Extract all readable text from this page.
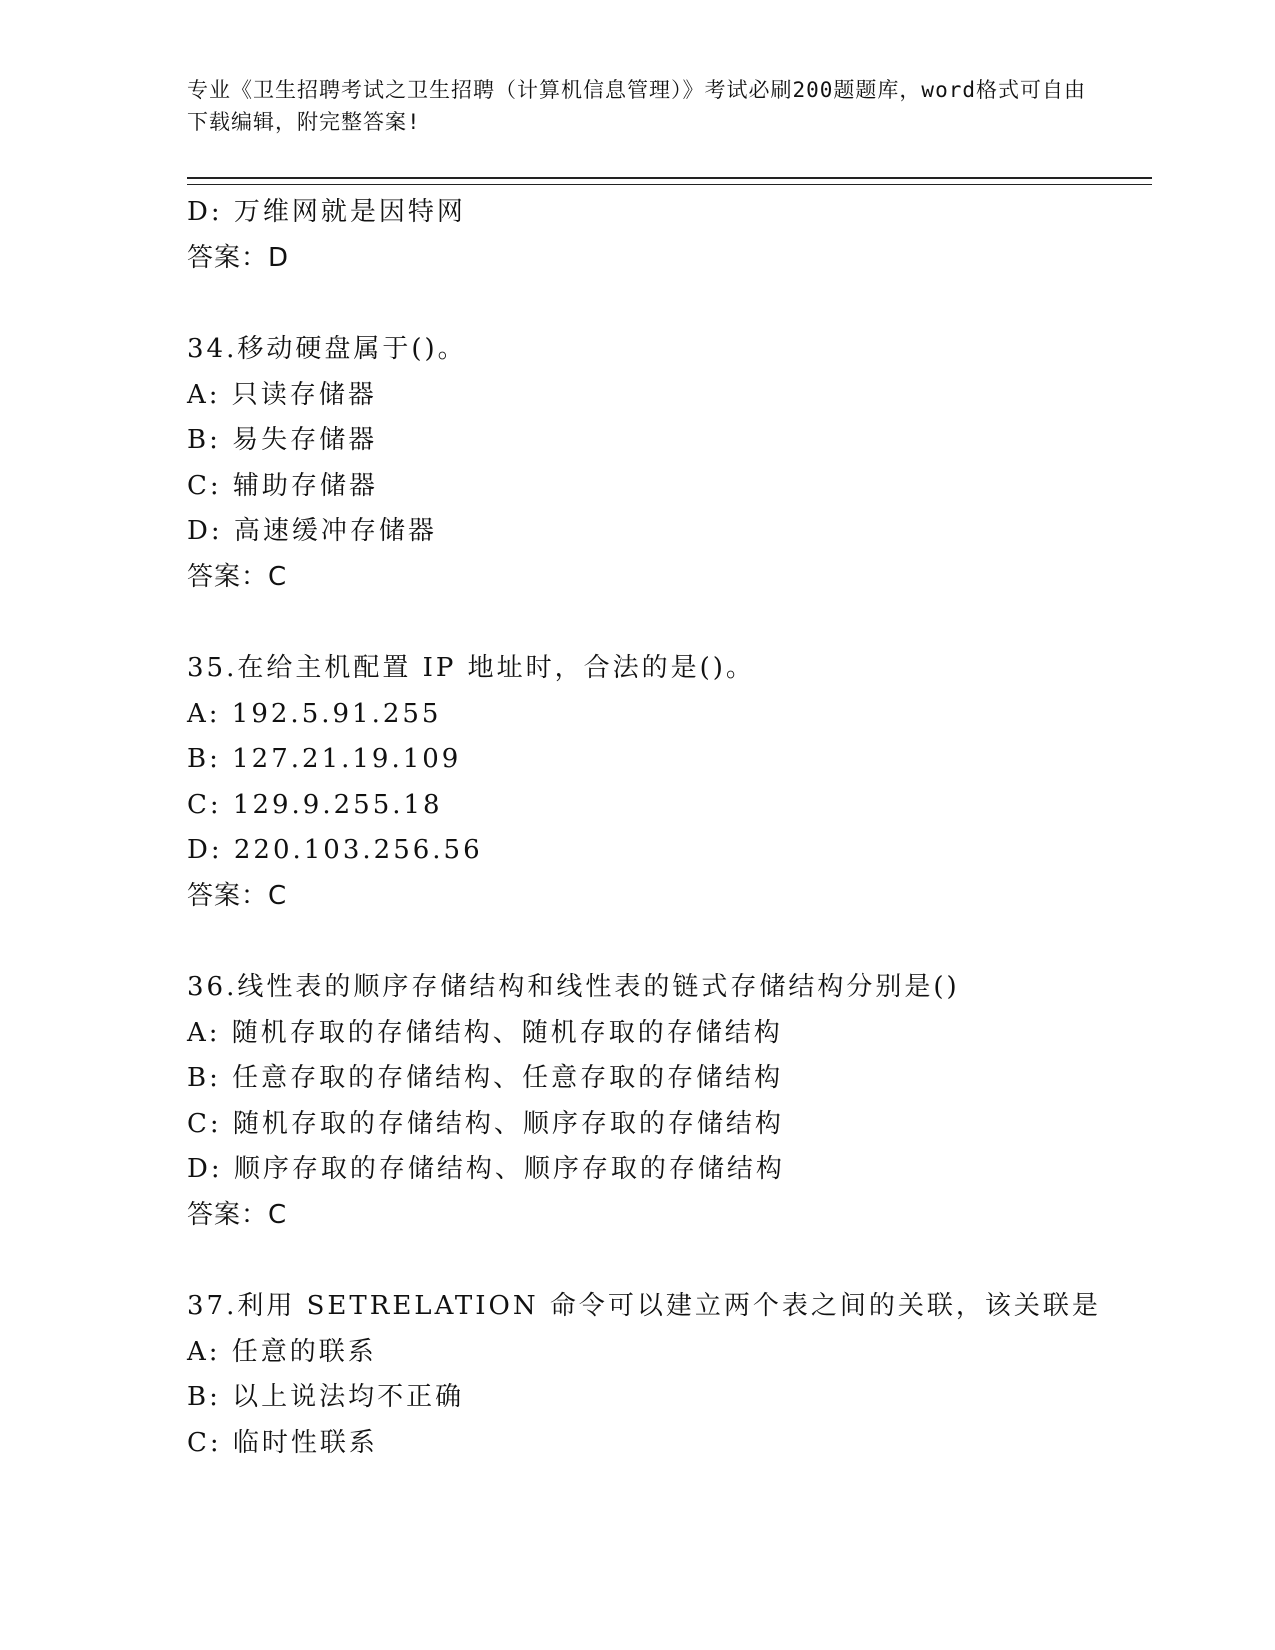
专业《卫生招聘考试之卫生招聘（计算机信息管理）》考试必刷200题题库，word格式可自由下载编辑，附完整答案!

D: 万维网就是因特网
答案：D
34.移动硬盘属于()。
A: 只读存储器
B: 易失存储器
C: 辅助存储器
D: 高速缓冲存储器
答案：C
35.在给主机配置 IP 地址时，合法的是()。
A: 192.5.91.255
B: 127.21.19.109
C: 129.9.255.18
D: 220.103.256.56
答案：C
36.线性表的顺序存储结构和线性表的链式存储结构分别是()
A: 随机存取的存储结构、随机存取的存储结构
B: 任意存取的存储结构、任意存取的存储结构
C: 随机存取的存储结构、顺序存取的存储结构
D: 顺序存取的存储结构、顺序存取的存储结构
答案：C
37.利用 SETRELATION 命令可以建立两个表之间的关联，该关联是
A: 任意的联系
B: 以上说法均不正确
C: 临时性联系
